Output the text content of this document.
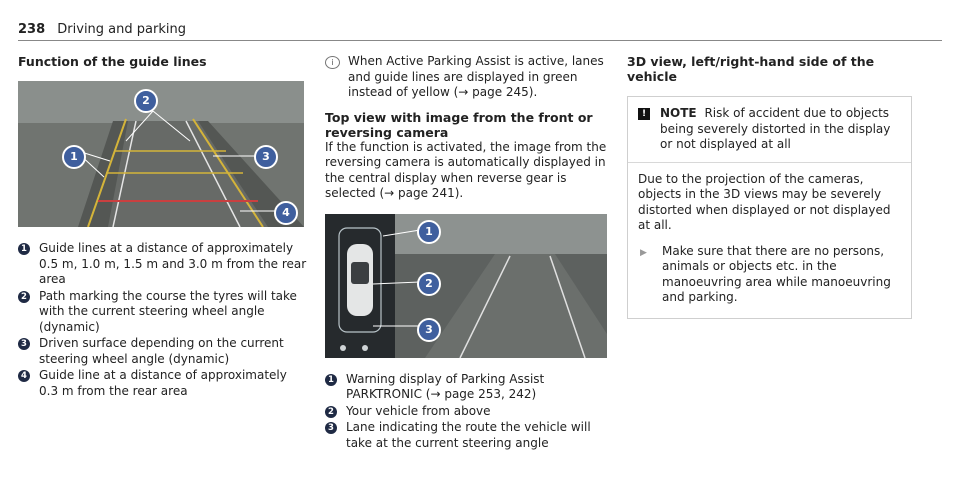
238 Driving and parking
Function of the guide lines
1
2
3
4
1 Guide lines at a distance of approximately 0.5 m, 1.0 m, 1.5 m and 3.0 m from the rear area
2 Path marking the course the tyres will take with the current steering wheel angle (dynamic)
3 Driven surface depending on the current steering wheel angle (dynamic)
4 Guide line at a distance of approximately 0.3 m from the rear area
i	When Active Parking Assist is active, lanes and guide lines are displayed in green instead of yellow (→ page 245).
Top view with image from the front or reversing camera
If the function is activated, the image from the reversing camera is automatically displayed in the central display when reverse gear is selected (→ page 241).
1
2
3
1 Warning display of Parking Assist PARKTRONIC (→ page 253, 242)
2 Your vehicle from above
3 Lane indicating the route the vehicle will take at the current steering angle
3D view, left/right-hand side of the vehicle
!	NOTE Risk of accident due to objects being severely distorted in the display or not displayed at all
Due to the projection of the cameras, objects in the 3D views may be severely distorted when displayed or not displayed at all.
▶	Make sure that there are no persons, animals or objects etc. in the manoeuvring area while manoeuvring and parking.
